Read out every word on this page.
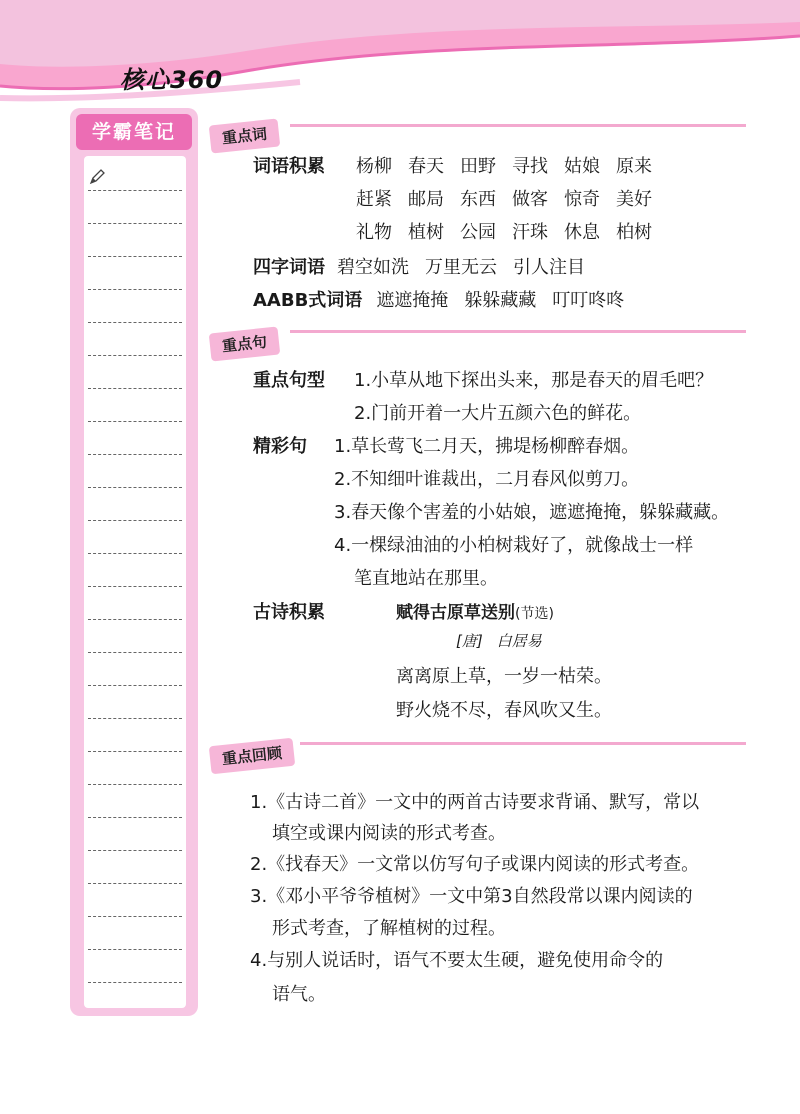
核心360
学霸笔记	重点词
词语积累 杨柳 春天 田野 寻找 姑娘 原来
赶紧 邮局 东西 做客 惊奇 美好
礼物 植树 公园 汗珠 休息 柏树
四字词语 碧空如洗 万里无云 引人注目
AABB式词语 遮遮掩掩 躲躲藏藏 叮叮咚咚
重点句
重点句型 1.小草从地下探出头来，那是春天的眉毛吧？
2.门前开着一大片五颜六色的鲜花。
精彩句 1.草长莺飞二月天，拂堤杨柳醉春烟。
2.不知细叶谁裁出，二月春风似剪刀。
3.春天像个害羞的小姑娘，遮遮掩掩，躲躲藏藏。
4.一棵绿油油的小柏树栽好了，就像战士一样
笔直地站在那里。
古诗积累	赋得古原草送别(节选)
[唐] 白居易
离离原上草，一岁一枯荣。
野火烧不尽，春风吹又生。
重点回顾
1.《古诗二首》一文中的两首古诗要求背诵、默写，常以
填空或课内阅读的形式考查。
2.《找春天》一文常以仿写句子或课内阅读的形式考查。
3.《邓小平爷爷植树》一文中第3自然段常以课内阅读的
形式考查，了解植树的过程。
4.与别人说话时，语气不要太生硬，避免使用命令的
语气。
